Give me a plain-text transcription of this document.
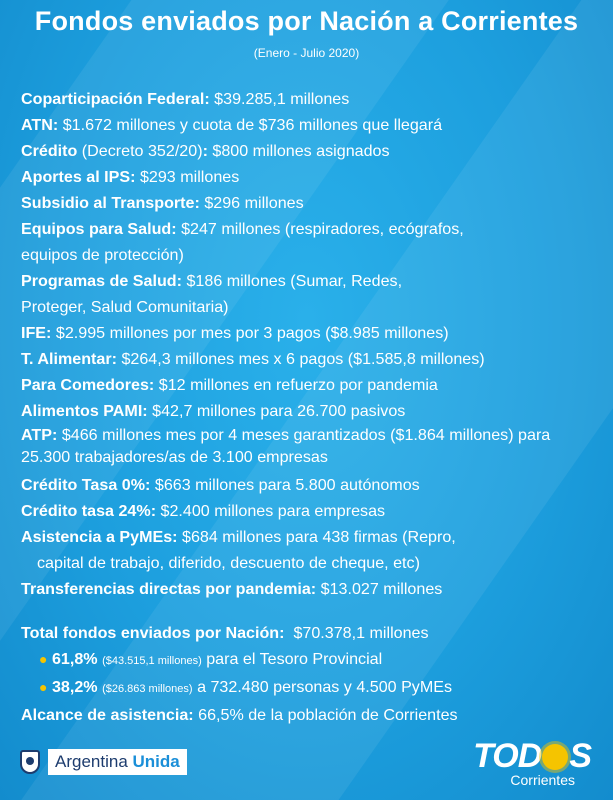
Fondos enviados por Nación a Corrientes
(Enero - Julio 2020)
Coparticipación Federal: $39.285,1 millones
ATN: $1.672 millones y cuota de $736 millones que llegará
Crédito (Decreto 352/20): $800 millones asignados
Aportes al IPS: $293 millones
Subsidio al Transporte: $296 millones
Equipos para Salud: $247 millones (respiradores, ecógrafos,
equipos de protección)
Programas de Salud: $186 millones (Sumar, Redes,
Proteger, Salud Comunitaria)
IFE: $2.995 millones por mes por 3 pagos ($8.985 millones)
T. Alimentar: $264,3 millones mes x 6 pagos ($1.585,8 millones)
Para Comedores: $12 millones en refuerzo por pandemia
Alimentos PAMI: $42,7 millones para 26.700 pasivos
ATP: $466 millones mes por 4 meses garantizados ($1.864 millones) para 25.300 trabajadores/as de 3.100 empresas
Crédito Tasa 0%: $663 millones para 5.800 autónomos
Crédito tasa 24%: $2.400 millones para empresas
Asistencia a PyMEs: $684 millones para 438 firmas (Repro,
capital de trabajo, diferido, descuento de cheque, etc)
Transferencias directas por pandemia: $13.027 millones
Total fondos enviados por Nación: $70.378,1 millones
● 61,8% ($43.515,1 millones) para el Tesoro Provincial
● 38,2% ($26.863 millones) a 732.480 personas y 4.500 PyMEs
Alcance de asistencia: 66,5% de la población de Corrientes
Argentina Unida	TOD S
Corrientes
